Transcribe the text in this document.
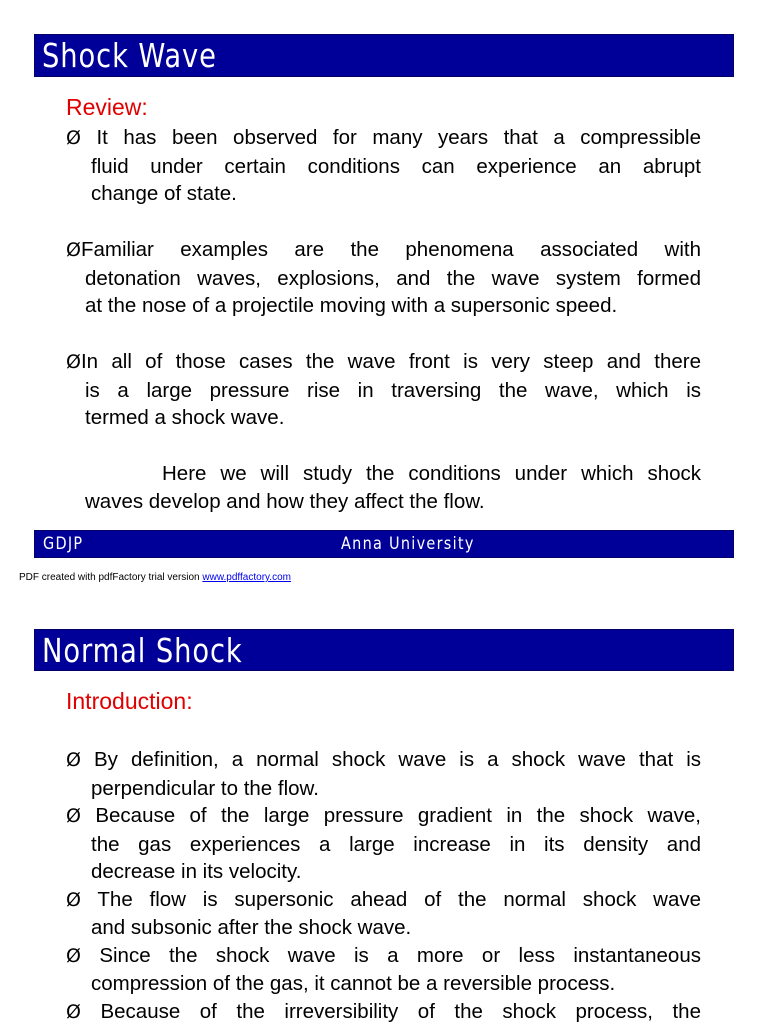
Shock Wave
Review:
Ø It has been observed for many years that a compressible
fluid under certain conditions can experience an abrupt
change of state.
ØFamiliar examples are the phenomena associated with
detonation waves, explosions, and the wave system formed
at the nose of a projectile moving with a supersonic speed.
ØIn all of those cases the wave front is very steep and there
is a large pressure rise in traversing the wave, which is
termed a shock wave.
Here we will study the conditions under which shock
waves develop and how they affect the flow.
GDJP	Anna University
PDF created with pdfFactory trial version www.pdffactory.com
Normal Shock
Introduction:
Ø By definition, a normal shock wave is a shock wave that is
perpendicular to the flow.
Ø Because of the large pressure gradient in the shock wave,
the gas experiences a large increase in its density and
decrease in its velocity.
Ø The flow is supersonic ahead of the normal shock wave
and subsonic after the shock wave.
Ø Since the shock wave is a more or less instantaneous
compression of the gas, it cannot be a reversible process.
Ø Because of the irreversibility of the shock process, the
